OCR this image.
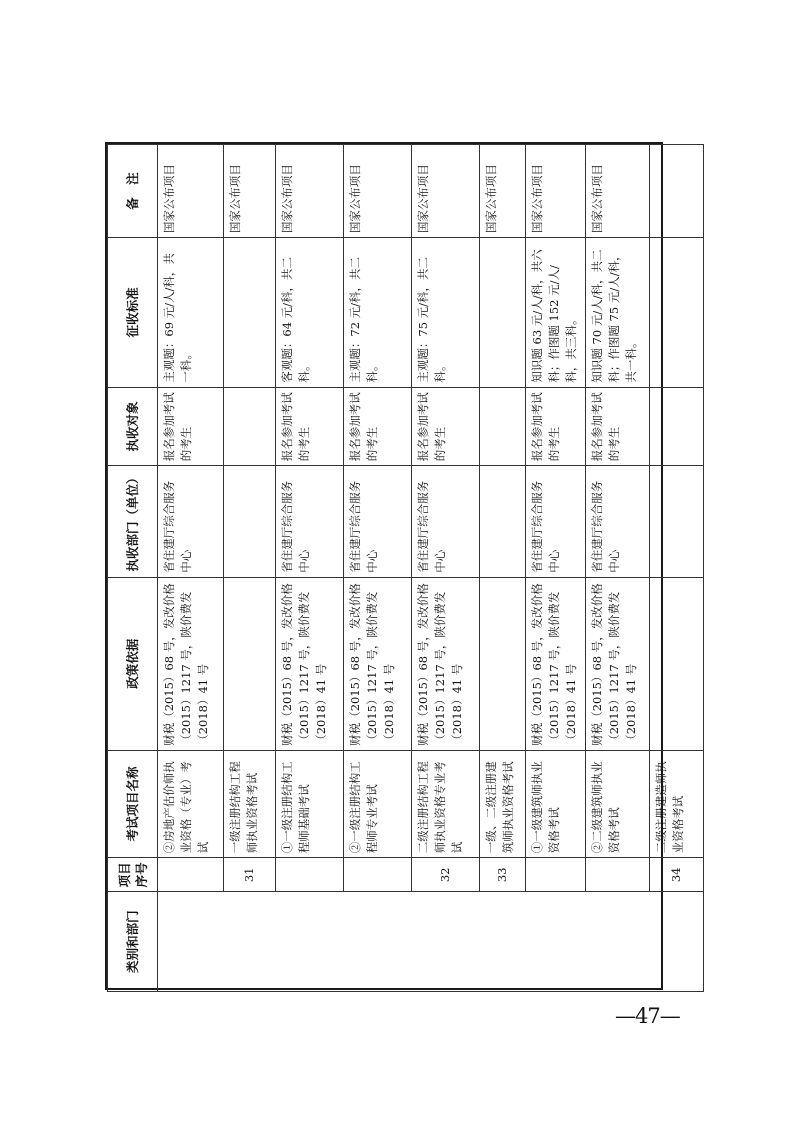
类别和部门	项目序号	考试项目名称	政策依据	执收部门（单位）	执收对象	征收标准	备　注
		②房地产估价师执业资格（专业）考试	财税（2015）68 号，发改价格（2015）1217 号，陕价费发（2018）41 号	省住建厅综合服务中心	报名参加考试的考生	主观题：69 元/人/科，共一科。	国家公布项目
	31	一级注册结构工程师执业资格考试					国家公布项目
		①一级注册结构工程师基础考试	财税（2015）68 号，发改价格（2015）1217 号，陕价费发（2018）41 号	省住建厅综合服务中心	报名参加考试的考生	客观题：64 元/科，共二科。	国家公布项目
		②一级注册结构工程师专业考试	财税（2015）68 号，发改价格（2015）1217 号，陕价费发（2018）41 号	省住建厅综合服务中心	报名参加考试的考生	主观题：72 元/科，共二科。	国家公布项目
	32	二级注册结构工程师执业资格专业考试	财税（2015）68 号，发改价格（2015）1217 号，陕价费发（2018）41 号	省住建厅综合服务中心	报名参加考试的考生	主观题：75 元/科，共二科。	国家公布项目
	33	一级、二级注册建筑师执业资格考试					国家公布项目
		①一级建筑师执业资格考试	财税（2015）68 号，发改价格（2015）1217 号，陕价费发（2018）41 号	省住建厅综合服务中心	报名参加考试的考生	知识题 63 元/人/科，共六科；作图题 152 元/人/科，共三科。	国家公布项目
		②二级建筑师执业资格考试	财税（2015）68 号，发改价格（2015）1217 号，陕价费发（2018）41 号	省住建厅综合服务中心	报名参加考试的考生	知识题 70 元/人/科，共二科；作图题 75 元/人/科，共一科。	国家公布项目
	34	二级注册建造师执业资格考试					
—47—
